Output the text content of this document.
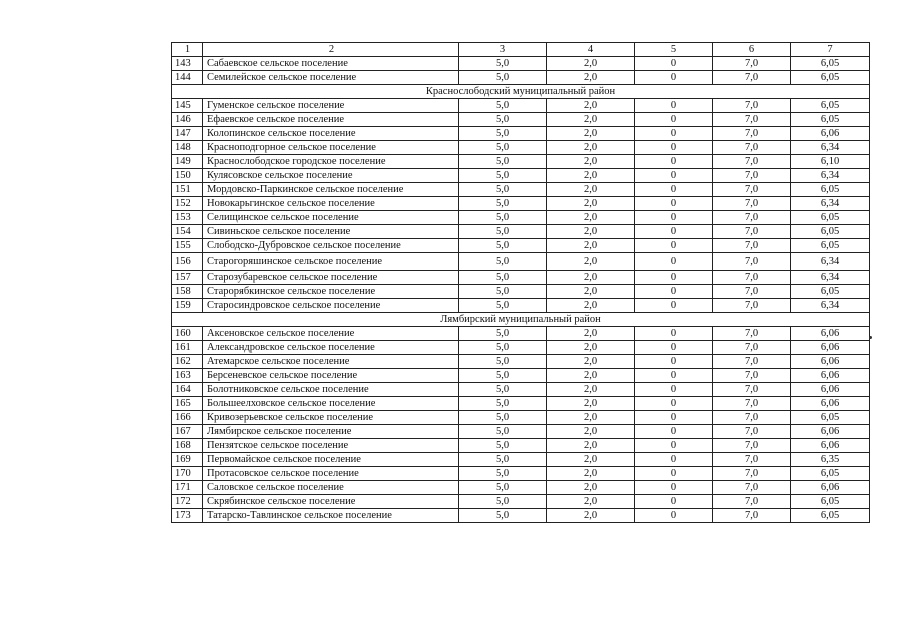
1	2	3	4	5	6	7
143	Сабаевское сельское поселение	5,0	2,0	0	7,0	6,05
144	Семилейское сельское поселение	5,0	2,0	0	7,0	6,05
Краснослободский муниципальный район						
145	Гуменское сельское поселение	5,0	2,0	0	7,0	6,05
146	Ефаевское сельское поселение	5,0	2,0	0	7,0	6,05
147	Колопинское сельское поселение	5,0	2,0	0	7,0	6,06
148	Красноподгорное сельское поселение	5,0	2,0	0	7,0	6,34
149	Краснослободское городское поселение	5,0	2,0	0	7,0	6,10
150	Кулясовское сельское поселение	5,0	2,0	0	7,0	6,34
151	Мордовско-Паркинское сельское поселение	5,0	2,0	0	7,0	6,05
152	Новокарьгинское сельское поселение	5,0	2,0	0	7,0	6,34
153	Селищинское сельское поселение	5,0	2,0	0	7,0	6,05
154	Сивиньское сельское поселение	5,0	2,0	0	7,0	6,05
155	Слободско-Дубровское сельское поселение	5,0	2,0	0	7,0	6,05
156	Старогоряшинское сельское поселение	5,0	2,0	0	7,0	6,34
157	Старозубаревское сельское поселение	5,0	2,0	0	7,0	6,34
158	Старорябкинское сельское поселение	5,0	2,0	0	7,0	6,05
159	Старосиндровское сельское поселение	5,0	2,0	0	7,0	6,34
Лямбирский муниципальный район						
160	Аксеновское сельское поселение	5,0	2,0	0	7,0	6,06
161	Александровское сельское поселение	5,0	2,0	0	7,0	6,06
162	Атемарское сельское поселение	5,0	2,0	0	7,0	6,06
163	Берсеневское сельское поселение	5,0	2,0	0	7,0	6,06
164	Болотниковское сельское поселение	5,0	2,0	0	7,0	6,06
165	Большеелховское сельское поселение	5,0	2,0	0	7,0	6,06
166	Кривозерьевское сельское поселение	5,0	2,0	0	7,0	6,05
167	Лямбирское сельское поселение	5,0	2,0	0	7,0	6,06
168	Пензятское сельское поселение	5,0	2,0	0	7,0	6,06
169	Первомайское сельское поселение	5,0	2,0	0	7,0	6,35
170	Протасовское сельское поселение	5,0	2,0	0	7,0	6,05
171	Саловское сельское поселение	5,0	2,0	0	7,0	6,06
172	Скрябинское сельское поселение	5,0	2,0	0	7,0	6,05
173	Татарско-Тавлинское сельское поселение	5,0	2,0	0	7,0	6,05
